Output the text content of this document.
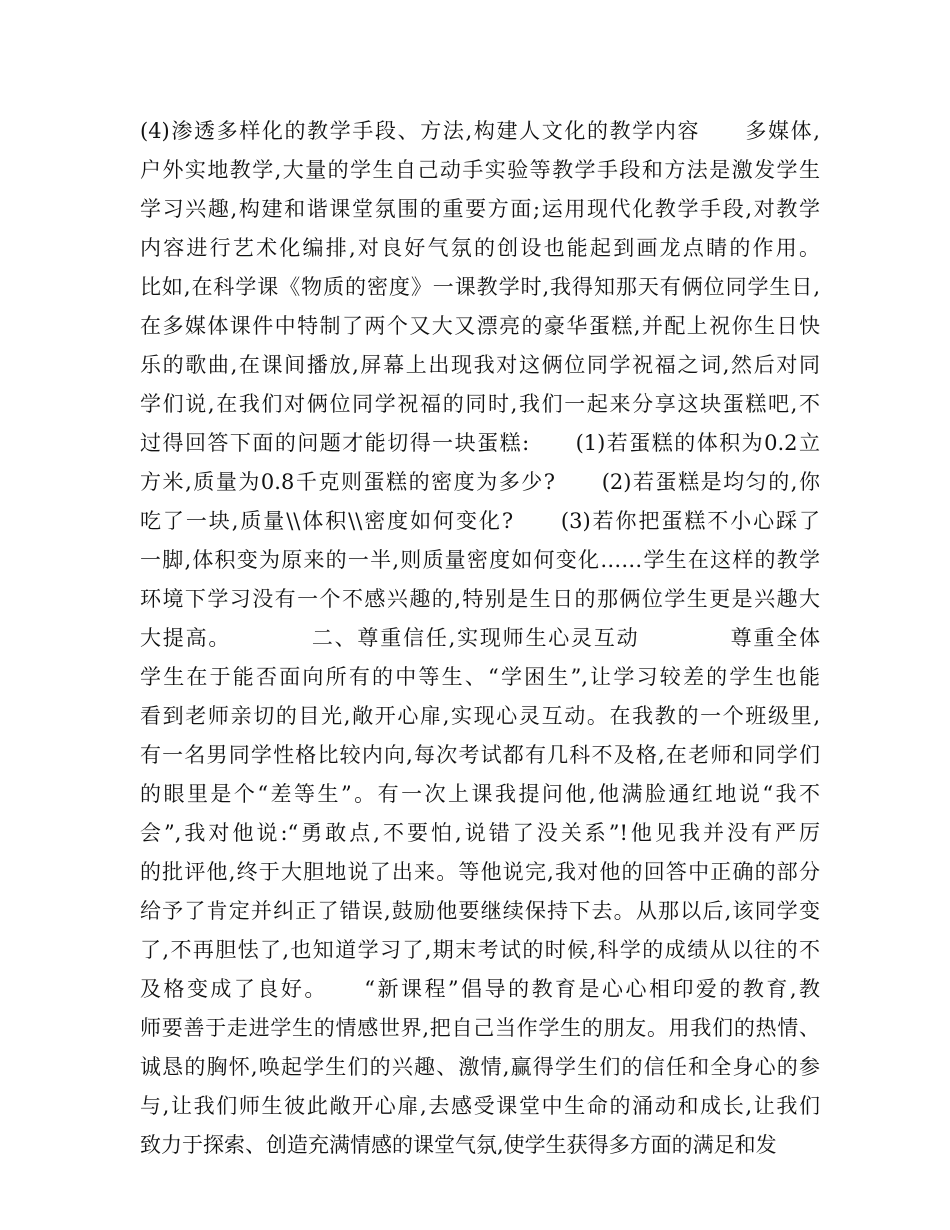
(4)渗透多样化的教学手段、方法,构建人文化的教学内容　　多媒体,
户外实地教学,大量的学生自己动手实验等教学手段和方法是激发学生
学习兴趣,构建和谐课堂氛围的重要方面;运用现代化教学手段,对教学
内容进行艺术化编排,对良好气氛的创设也能起到画龙点睛的作用。
比如,在科学课《物质的密度》一课教学时,我得知那天有俩位同学生日,
在多媒体课件中特制了两个又大又漂亮的豪华蛋糕,并配上祝你生日快
乐的歌曲,在课间播放,屏幕上出现我对这俩位同学祝福之词,然后对同
学们说,在我们对俩位同学祝福的同时,我们一起来分享这块蛋糕吧,不
过得回答下面的问题才能切得一块蛋糕:　　(1)若蛋糕的体积为0.2立
方米,质量为0.8千克则蛋糕的密度为多少?　　(2)若蛋糕是均匀的,你
吃了一块,质量\\体积\\密度如何变化?　　(3)若你把蛋糕不小心踩了
一脚,体积变为原来的一半,则质量密度如何变化……学生在这样的教学
环境下学习没有一个不感兴趣的,特别是生日的那俩位学生更是兴趣大
大提高。　　　　二、尊重信任,实现师生心灵互动　　　　尊重全体
学生在于能否面向所有的中等生、“学困生”,让学习较差的学生也能
看到老师亲切的目光,敞开心扉,实现心灵互动。在我教的一个班级里,
有一名男同学性格比较内向,每次考试都有几科不及格,在老师和同学们
的眼里是个“差等生”。有一次上课我提问他,他满脸通红地说“我不
会”,我对他说:“勇敢点,不要怕,说错了没关系”!他见我并没有严厉
的批评他,终于大胆地说了出来。等他说完,我对他的回答中正确的部分
给予了肯定并纠正了错误,鼓励他要继续保持下去。从那以后,该同学变
了,不再胆怯了,也知道学习了,期末考试的时候,科学的成绩从以往的不
及格变成了良好。　　“新课程”倡导的教育是心心相印爱的教育,教
师要善于走进学生的情感世界,把自己当作学生的朋友。用我们的热情、
诚恳的胸怀,唤起学生们的兴趣、激情,赢得学生们的信任和全身心的参
与,让我们师生彼此敞开心扉,去感受课堂中生命的涌动和成长,让我们
致力于探索、创造充满情感的课堂气氛,使学生获得多方面的满足和发
